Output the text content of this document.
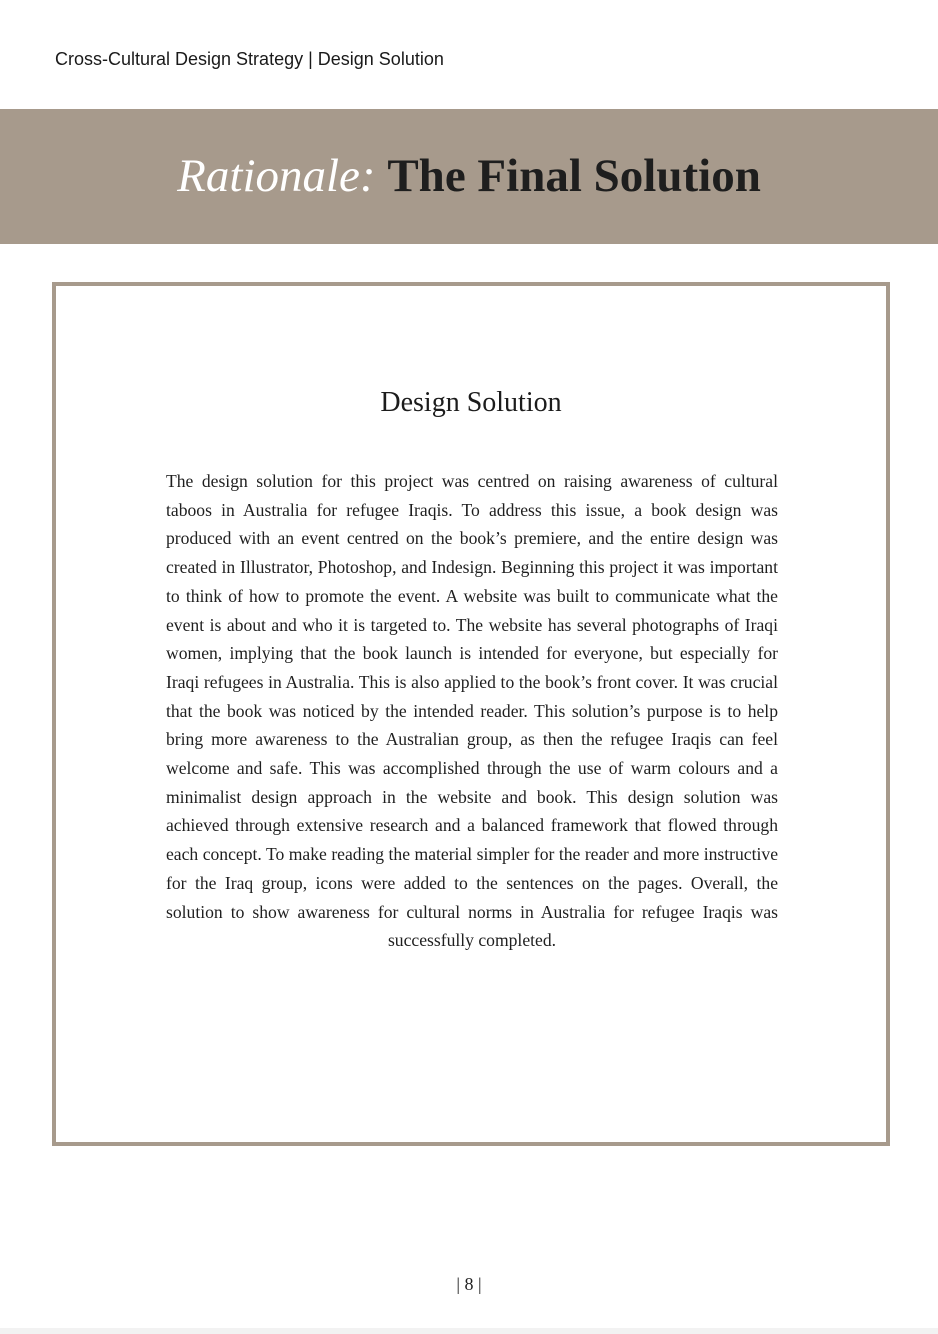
Cross-Cultural Design Strategy | Design Solution
Rationale: The Final Solution
Design Solution

The design solution for this project was centred on raising awareness of cultural taboos in Australia for refugee Iraqis. To address this issue, a book design was produced with an event centred on the book’s premiere, and the entire design was created in Illustrator, Photoshop, and Indesign. Beginning this project it was important to think of how to promote the event. A website was built to communicate what the event is about and who it is targeted to. The website has several photographs of Iraqi women, implying that the book launch is intended for everyone, but especially for Iraqi refugees in Australia. This is also applied to the book’s front cover. It was crucial that the book was noticed by the intended reader. This solution’s purpose is to help bring more awareness to the Australian group, as then the refugee Iraqis can feel welcome and safe. This was accomplished through the use of warm colours and a minimalist design approach in the website and book. This design solution was achieved through extensive research and a balanced framework that flowed through each concept. To make reading the material simpler for the reader and more instructive for the Iraq group, icons were added to the sentences on the pages. Overall, the solution to show awareness for cultural norms in Australia for refugee Iraqis was successfully completed.

| 8 |
